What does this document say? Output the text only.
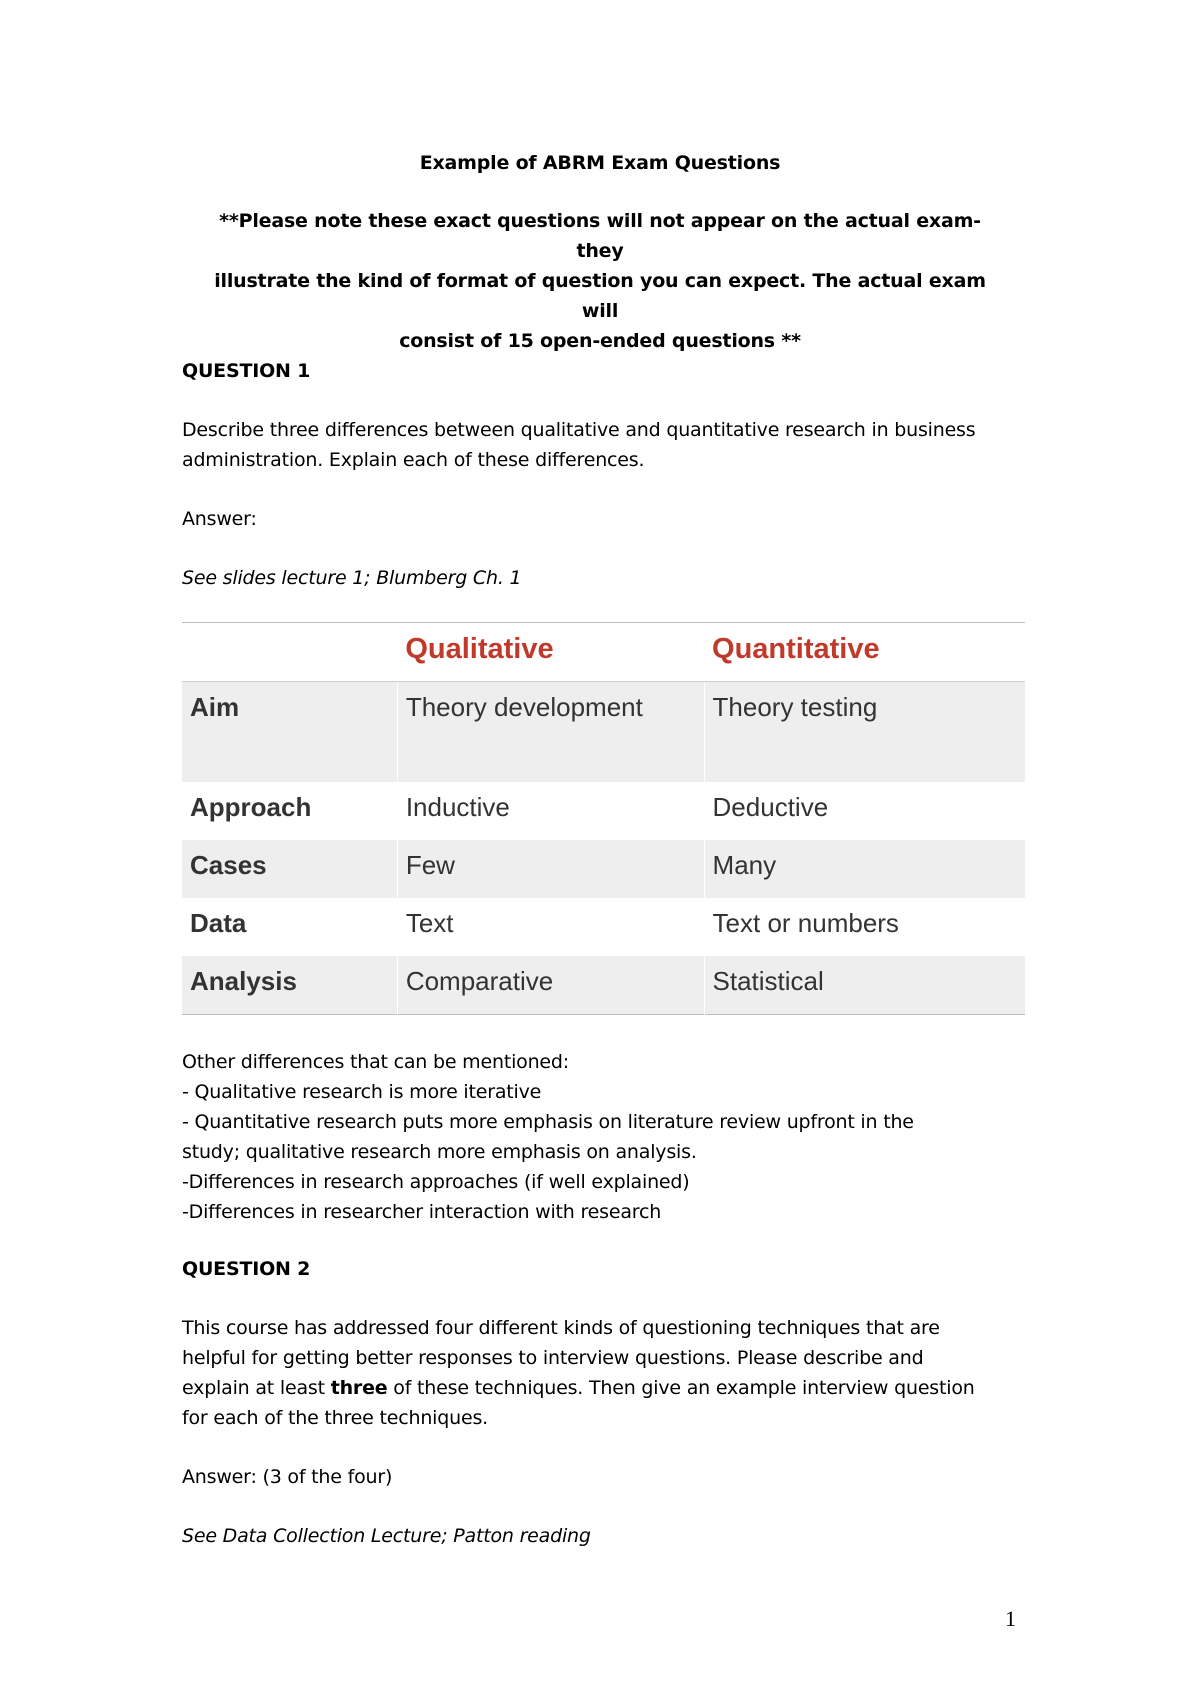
Example of ABRM Exam Questions

**Please note these exact questions will not appear on the actual exam- they
illustrate the kind of format of question you can expect. The actual exam will
consist of 15 open-ended questions **

QUESTION 1

Describe three differences between qualitative and quantitative research in business
administration. Explain each of these differences.

Answer:

See slides lecture 1; Blumberg Ch. 1

	Qualitative	Quantitative
Aim	Theory development	Theory testing
Approach	Inductive	Deductive
Cases	Few	Many
Data	Text	Text or numbers
Analysis	Comparative	Statistical

Other differences that can be mentioned:
- Qualitative research is more iterative
- Quantitative research puts more emphasis on literature review upfront in the
study; qualitative research more emphasis on analysis.
-Differences in research approaches (if well explained)
-Differences in researcher interaction with research

QUESTION 2

This course has addressed four different kinds of questioning techniques that are
helpful for getting better responses to interview questions. Please describe and
explain at least three of these techniques. Then give an example interview question
for each of the three techniques.

Answer: (3 of the four)

See Data Collection Lecture; Patton reading

1
